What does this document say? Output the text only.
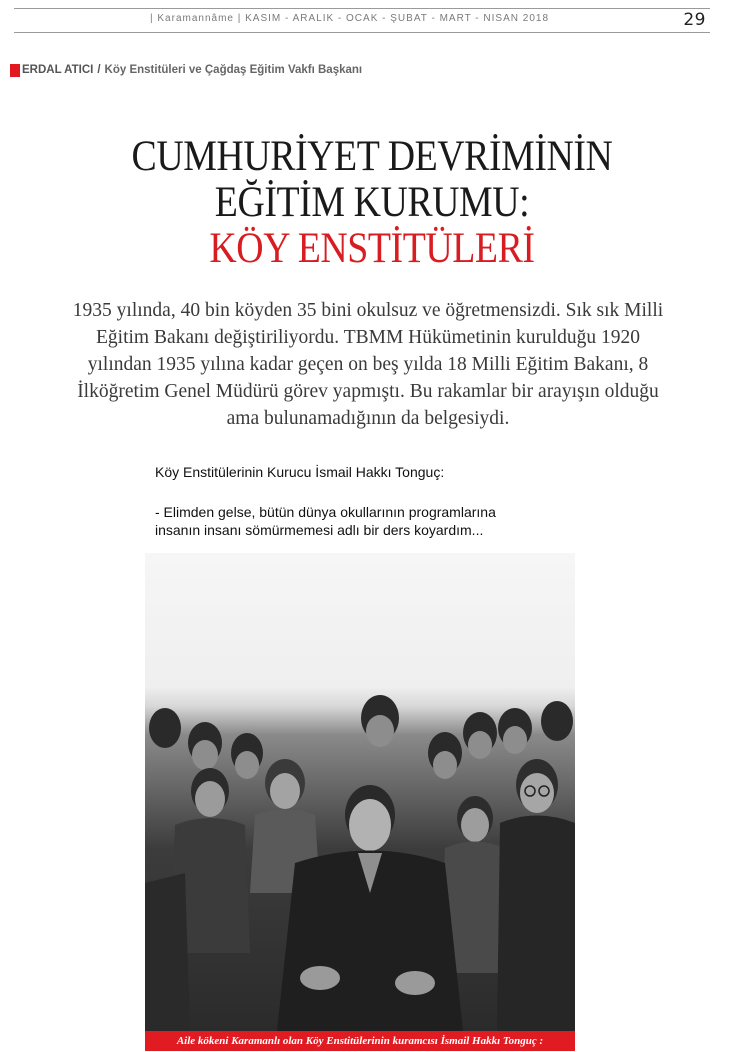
| Karamannâme | KASIM - ARALIK - OCAK - ŞUBAT - MART - NISAN 2018	29
ERDAL ATICI / Köy Enstitüleri ve Çağdaş Eğitim Vakfı Başkanı
CUMHURİYET DEVRİMİNİN
EĞİTİM KURUMU:
KÖY ENSTİTÜLERİ

1935 yılında, 40 bin köyden 35 bini okulsuz ve öğretmensizdi. Sık sık Milli Eğitim Bakanı değiştiriliyordu. TBMM Hükümetinin kurulduğu 1920 yılından 1935 yılına kadar geçen on beş yılda 18 Milli Eğitim Bakanı, 8 İlköğretim Genel Müdürü görev yapmıştı. Bu rakamlar bir arayışın olduğu ama bulunamadığının da belgesiydi.

Köy Enstitülerinin Kurucu İsmail Hakkı Tonguç:
- Elimden gelse, bütün dünya okullarının programlarına
insanın insanı sömürmemesi adlı bir ders koyardım...
Aile kökeni Karamanlı olan Köy Enstitülerinin kuramcısı İsmail Hakkı Tonguç :
